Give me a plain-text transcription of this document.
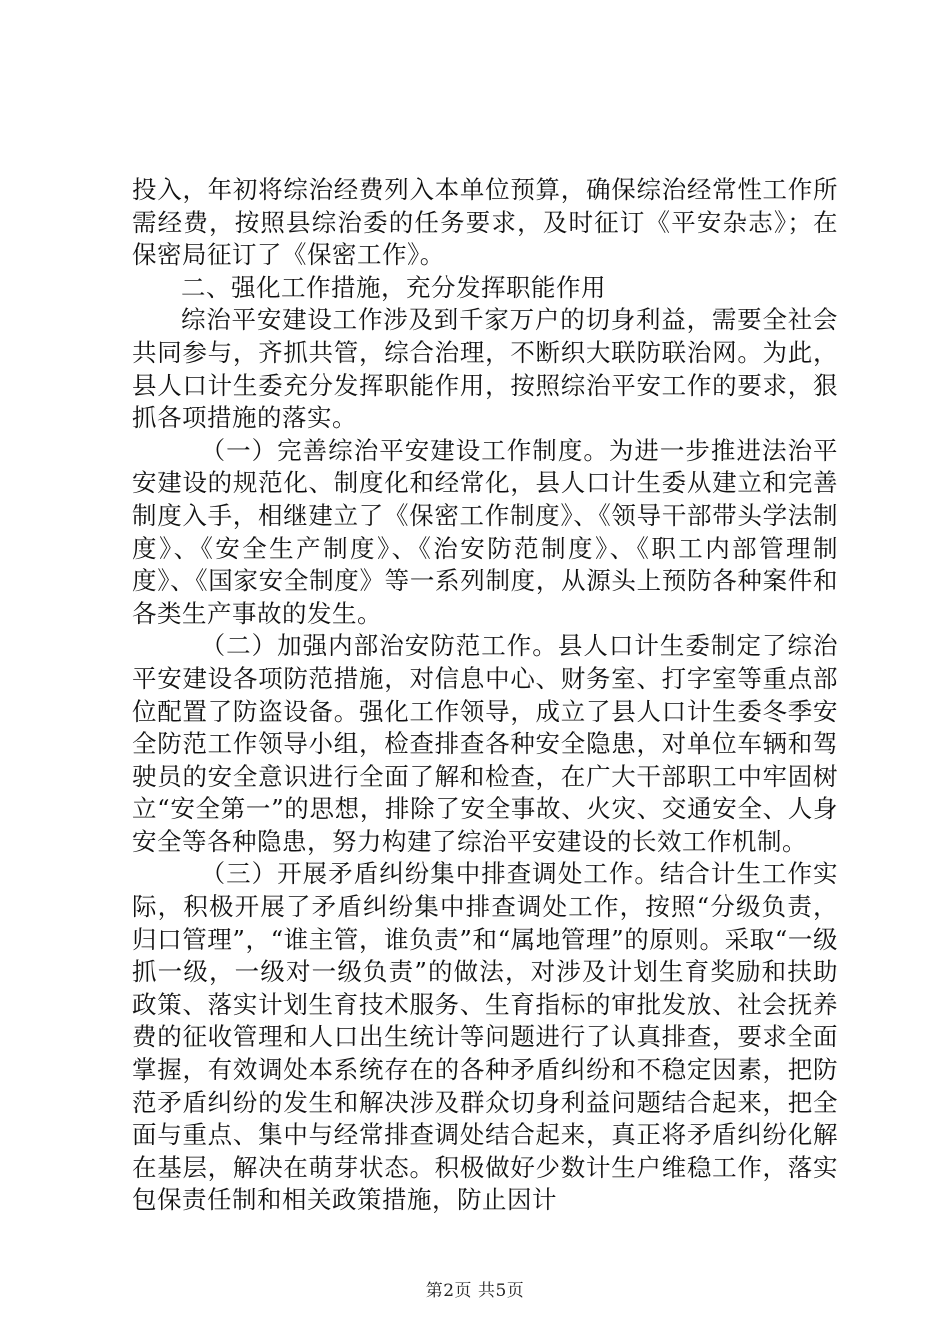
投入，年初将综治经费列入本单位预算，确保综治经常性工作所需经费，按照县综治委的任务要求，及时征订《平安杂志》；在保密局征订了《保密工作》。

二、强化工作措施，充分发挥职能作用

综治平安建设工作涉及到千家万户的切身利益，需要全社会共同参与，齐抓共管，综合治理，不断织大联防联治网。为此，县人口计生委充分发挥职能作用，按照综治平安工作的要求，狠抓各项措施的落实。

（一）完善综治平安建设工作制度。为进一步推进法治平安建设的规范化、制度化和经常化，县人口计生委从建立和完善制度入手，相继建立了《保密工作制度》、《领导干部带头学法制度》、《安全生产制度》、《治安防范制度》、《职工内部管理制度》、《国家安全制度》等一系列制度，从源头上预防各种案件和各类生产事故的发生。

（二）加强内部治安防范工作。县人口计生委制定了综治平安建设各项防范措施，对信息中心、财务室、打字室等重点部位配置了防盗设备。强化工作领导，成立了县人口计生委冬季安全防范工作领导小组，检查排查各种安全隐患，对单位车辆和驾驶员的安全意识进行全面了解和检查，在广大干部职工中牢固树立“安全第一”的思想，排除了安全事故、火灾、交通安全、人身安全等各种隐患，努力构建了综治平安建设的长效工作机制。

（三）开展矛盾纠纷集中排查调处工作。结合计生工作实际，积极开展了矛盾纠纷集中排查调处工作，按照“分级负责，归口管理”，“谁主管，谁负责”和“属地管理”的原则。采取“一级抓一级，一级对一级负责”的做法，对涉及计划生育奖励和扶助政策、落实计划生育技术服务、生育指标的审批发放、社会抚养费的征收管理和人口出生统计等问题进行了认真排查，要求全面掌握，有效调处本系统存在的各种矛盾纠纷和不稳定因素，把防范矛盾纠纷的发生和解决涉及群众切身利益问题结合起来，把全面与重点、集中与经常排查调处结合起来，真正将矛盾纠纷化解在基层，解决在萌芽状态。积极做好少数计生户维稳工作，落实包保责任制和相关政策措施，防止因计

第2页 共5页
